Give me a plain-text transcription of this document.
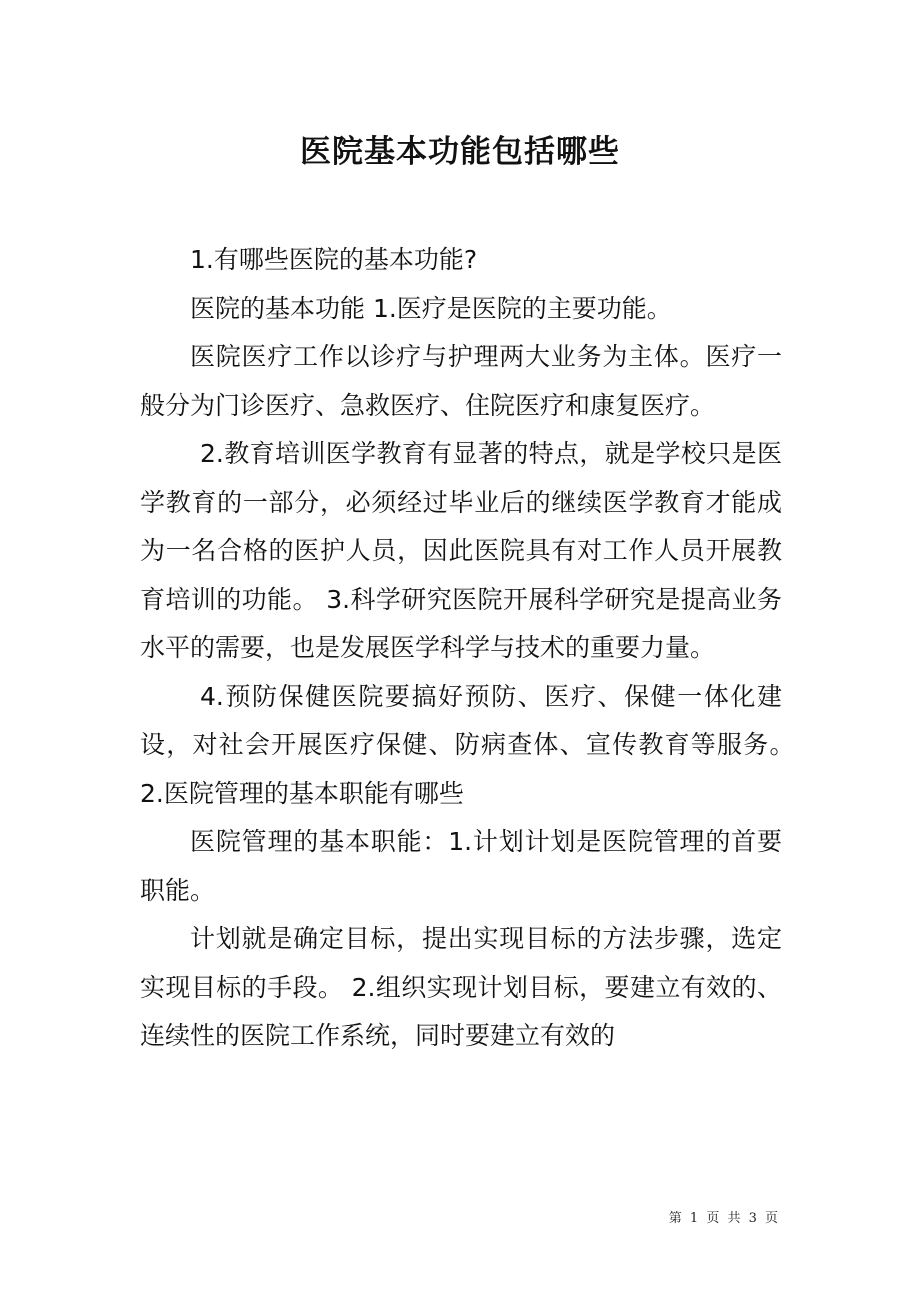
医院基本功能包括哪些

1.有哪些医院的基本功能?

医院的基本功能 1.医疗是医院的主要功能。

医院医疗工作以诊疗与护理两大业务为主体。医疗一般分为门诊医疗、急救医疗、住院医疗和康复医疗。

2.教育培训医学教育有显著的特点，就是学校只是医学教育的一部分，必须经过毕业后的继续医学教育才能成为一名合格的医护人员，因此医院具有对工作人员开展教育培训的功能。 3.科学研究医院开展科学研究是提高业务水平的需要，也是发展医学科学与技术的重要力量。

4.预防保健医院要搞好预防、医疗、保健一体化建设，对社会开展医疗保健、防病查体、宣传教育等服务。　　2.医院管理的基本职能有哪些

医院管理的基本职能：1.计划计划是医院管理的首要职能。

计划就是确定目标，提出实现目标的方法步骤，选定实现目标的手段。 2.组织实现计划目标，要建立有效的、连续性的医院工作系统，同时要建立有效的

第 1 页 共 3 页
